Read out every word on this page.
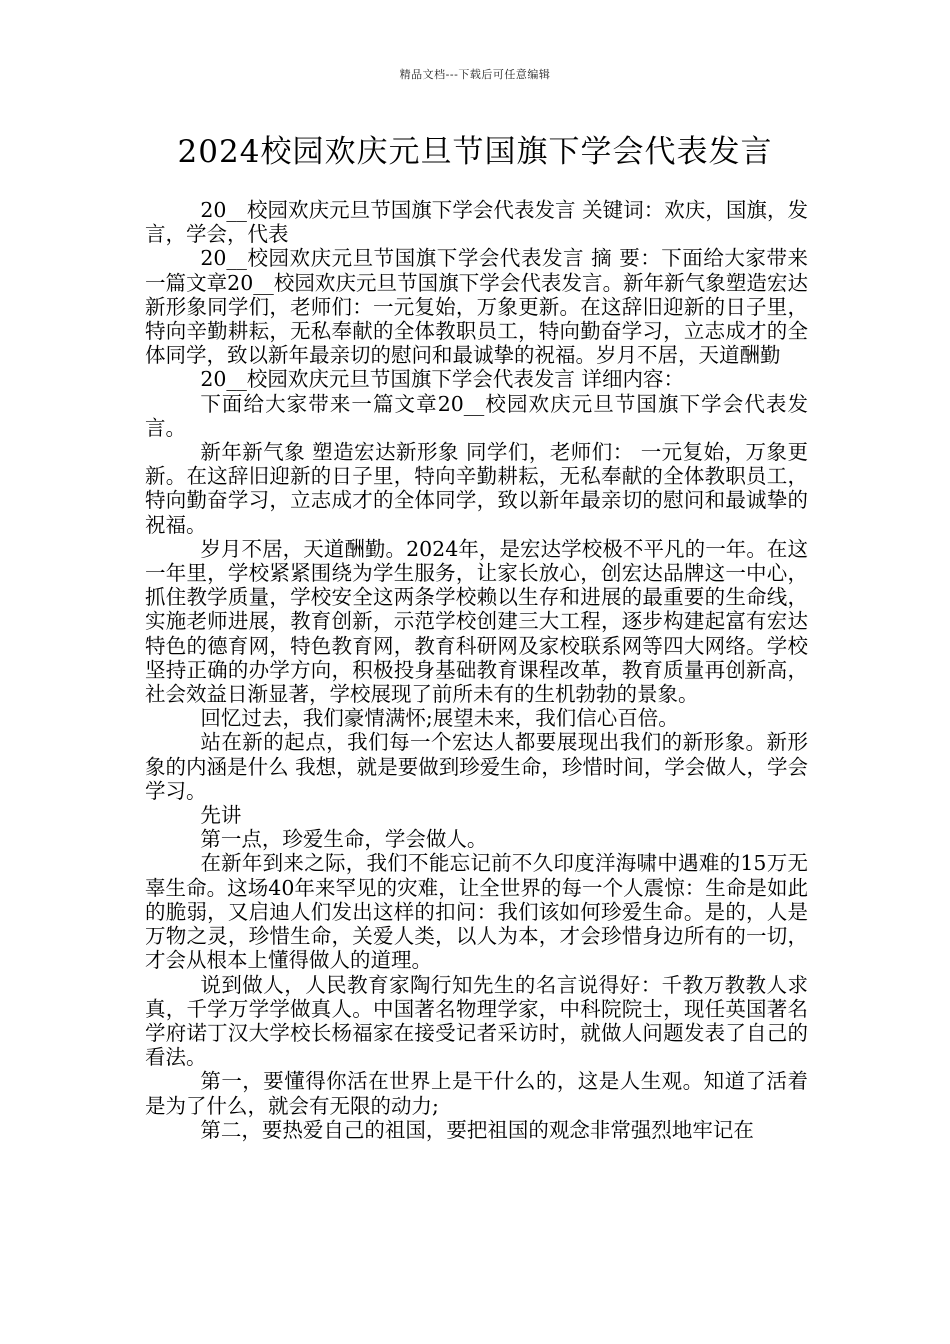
精品文档---下载后可任意编辑
2024校园欢庆元旦节国旗下学会代表发言

20__校园欢庆元旦节国旗下学会代表发言 关键词：欢庆，国旗，发言，学会，代表

20__校园欢庆元旦节国旗下学会代表发言 摘 要：下面给大家带来一篇文章20__校园欢庆元旦节国旗下学会代表发言。新年新气象塑造宏达新形象同学们，老师们：一元复始，万象更新。在这辞旧迎新的日子里，特向辛勤耕耘，无私奉献的全体教职员工，特向勤奋学习，立志成才的全体同学，致以新年最亲切的慰问和最诚挚的祝福。岁月不居，天道酬勤

20__校园欢庆元旦节国旗下学会代表发言 详细内容：

下面给大家带来一篇文章20__校园欢庆元旦节国旗下学会代表发言。

新年新气象 塑造宏达新形象 同学们，老师们： 一元复始，万象更新。在这辞旧迎新的日子里，特向辛勤耕耘，无私奉献的全体教职员工，特向勤奋学习，立志成才的全体同学，致以新年最亲切的慰问和最诚挚的祝福。

岁月不居，天道酬勤。2024年，是宏达学校极不平凡的一年。在这一年里，学校紧紧围绕为学生服务，让家长放心，创宏达品牌这一中心，抓住教学质量，学校安全这两条学校赖以生存和进展的最重要的生命线，实施老师进展，教育创新，示范学校创建三大工程，逐步构建起富有宏达特色的德育网，特色教育网，教育科研网及家校联系网等四大网络。学校坚持正确的办学方向，积极投身基础教育课程改革，教育质量再创新高，社会效益日渐显著，学校展现了前所未有的生机勃勃的景象。

回忆过去，我们豪情满怀;展望未来，我们信心百倍。

站在新的起点，我们每一个宏达人都要展现出我们的新形象。新形象的内涵是什么 我想，就是要做到珍爱生命，珍惜时间，学会做人，学会学习。

先讲

第一点，珍爱生命，学会做人。

在新年到来之际，我们不能忘记前不久印度洋海啸中遇难的15万无辜生命。这场40年来罕见的灾难，让全世界的每一个人震惊：生命是如此的脆弱，又启迪人们发出这样的扣问：我们该如何珍爱生命。是的，人是万物之灵，珍惜生命，关爱人类，以人为本，才会珍惜身边所有的一切，才会从根本上懂得做人的道理。

说到做人，人民教育家陶行知先生的名言说得好：千教万教教人求真，千学万学学做真人。中国著名物理学家，中科院院士，现任英国著名学府诺丁汉大学校长杨福家在接受记者采访时，就做人问题发表了自己的看法。

第一，要懂得你活在世界上是干什么的，这是人生观。知道了活着是为了什么，就会有无限的动力;

第二，要热爱自己的祖国，要把祖国的观念非常强烈地牢记在
